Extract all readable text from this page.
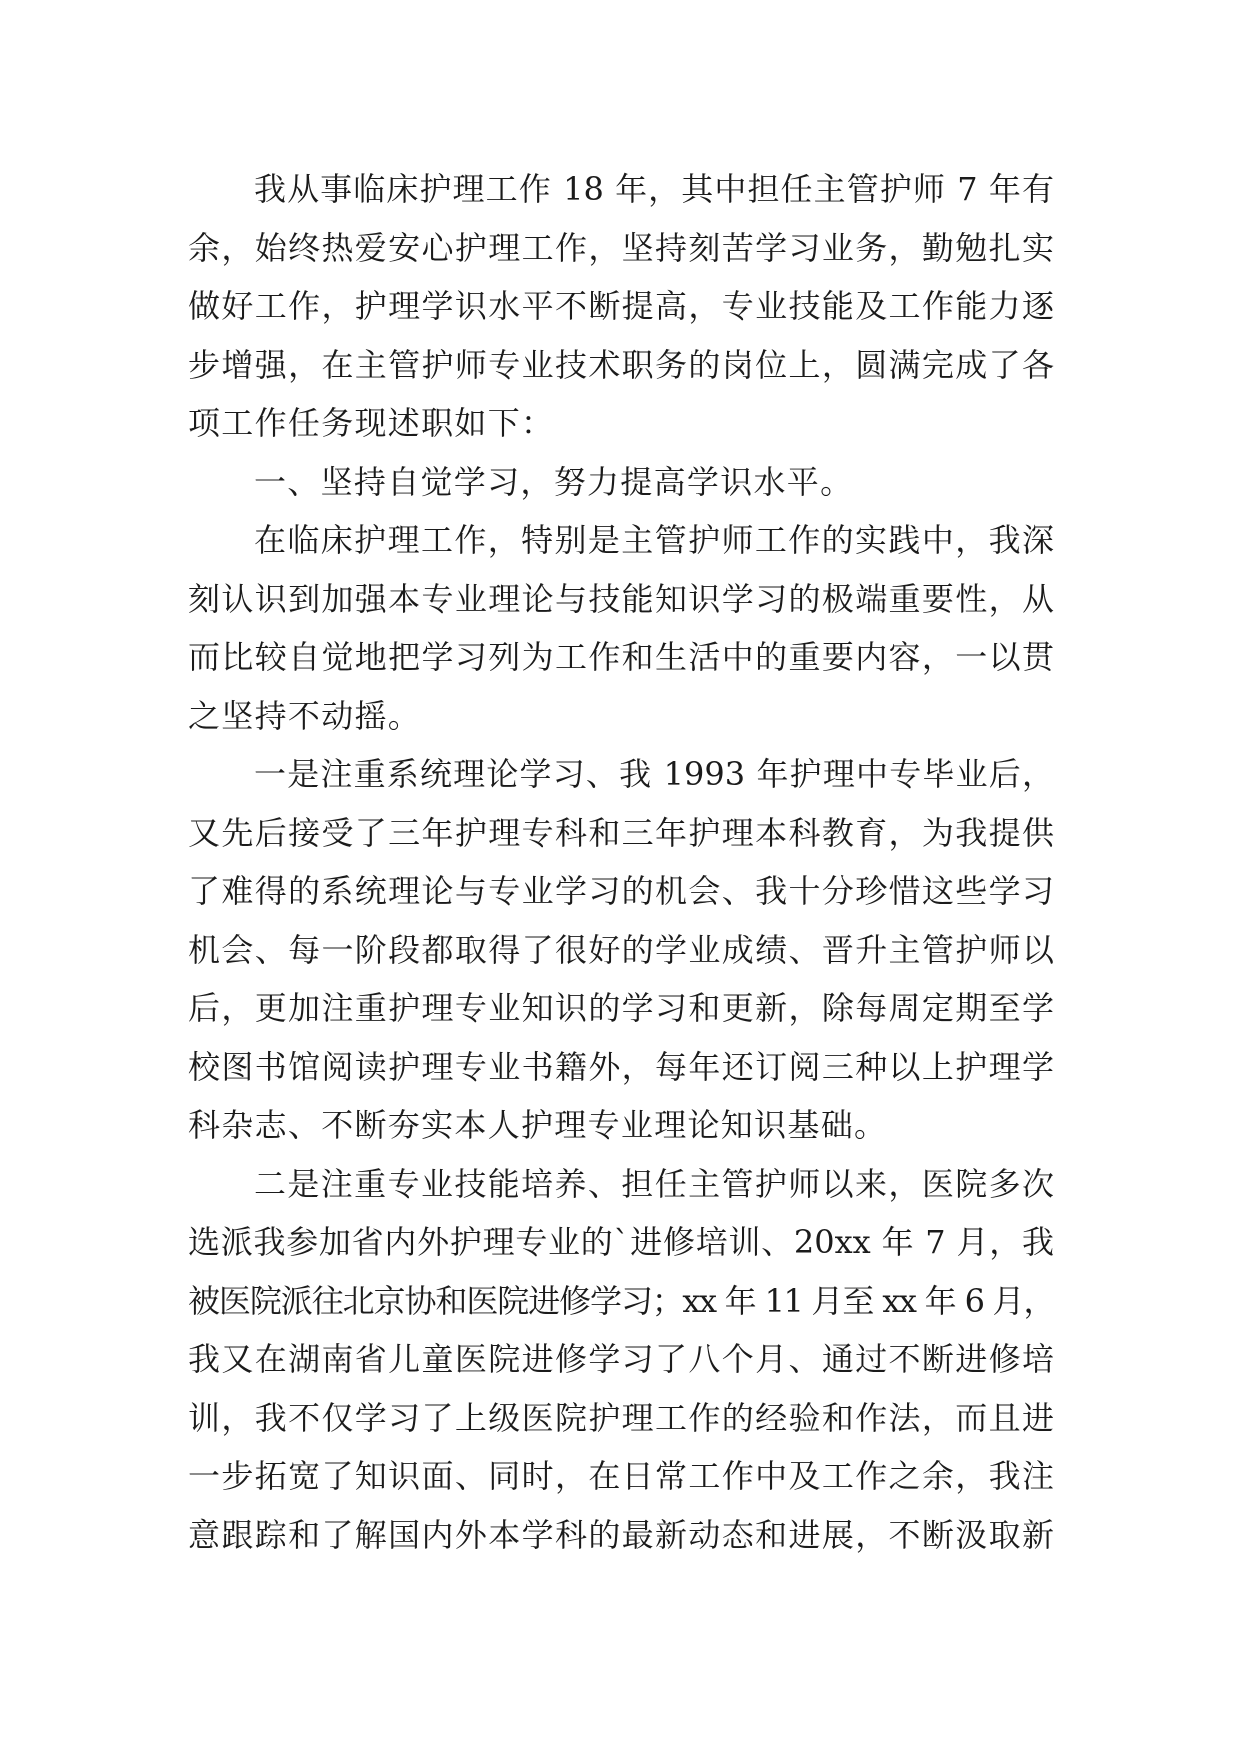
我从事临床护理工作 18 年，其中担任主管护师 7 年有
余，始终热爱安心护理工作，坚持刻苦学习业务，勤勉扎实
做好工作，护理学识水平不断提高，专业技能及工作能力逐
步增强，在主管护师专业技术职务的岗位上，圆满完成了各
项工作任务现述职如下：
一、坚持自觉学习，努力提高学识水平。
在临床护理工作，特别是主管护师工作的实践中，我深
刻认识到加强本专业理论与技能知识学习的极端重要性，从
而比较自觉地把学习列为工作和生活中的重要内容，一以贯
之坚持不动摇。
一是注重系统理论学习、我 1993 年护理中专毕业后，
又先后接受了三年护理专科和三年护理本科教育，为我提供
了难得的系统理论与专业学习的机会、我十分珍惜这些学习
机会、每一阶段都取得了很好的学业成绩、晋升主管护师以
后，更加注重护理专业知识的学习和更新，除每周定期至学
校图书馆阅读护理专业书籍外，每年还订阅三种以上护理学
科杂志、不断夯实本人护理专业理论知识基础。
二是注重专业技能培养、担任主管护师以来，医院多次
选派我参加省内外护理专业的`进修培训、20xx 年 7 月，我
被医院派往北京协和医院进修学习；xx 年 11 月至 xx 年 6 月，
我又在湖南省儿童医院进修学习了八个月、通过不断进修培
训，我不仅学习了上级医院护理工作的经验和作法，而且进
一步拓宽了知识面、同时，在日常工作中及工作之余，我注
意跟踪和了解国内外本学科的最新动态和进展，不断汲取新
